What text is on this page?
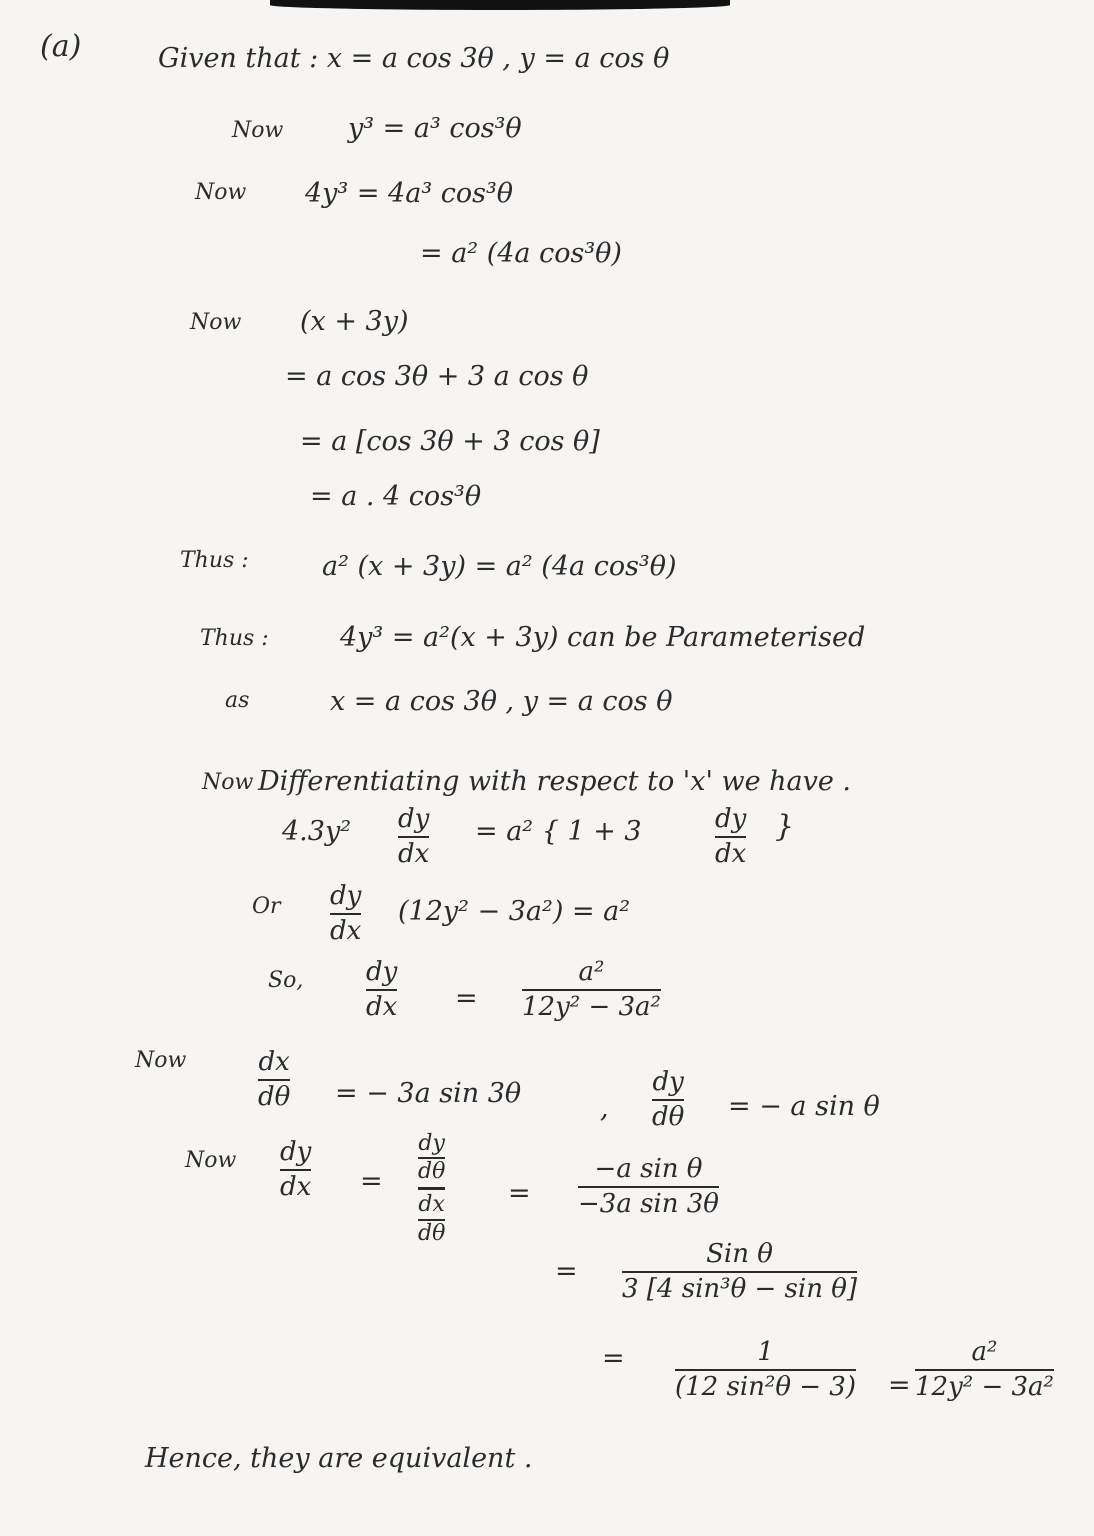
(a)	Given that : x = a cos 3θ , y = a cos θ
Now y³ = a³ cos³θ
Now 4y³ = 4a³ cos³θ
= a² (4a cos³θ)
Now (x + 3y)
= a cos 3θ + 3 a cos θ
= a [cos 3θ + 3 cos θ]
= a . 4 cos³θ
Thus :	a² (x + 3y) = a² (4a cos³θ)
Thus :	4y³ = a²(x + 3y) can be Parameterised
as	x = a cos 3θ , y = a cos θ
Now Differentiating with respect to 'x' we have .
4.3y² dy
dx
= a² { 1 + 3	dy
dx
}
Or dy
dx
(12y² − 3a²) = a²
So, dy
dx =
a²
12y² − 3a²
Now	dx
dθ = − 3a sin 3θ	,
dy
dθ = − a sin θ
Now dy
dx =
dy
dθ
dx
dθ
=
−a sin θ
−3a sin 3θ
=
Sin θ
3 [4 sin³θ − sin θ]
=	1
(12 sin²θ − 3) =
a²
12y² − 3a²
Hence, they are equivalent .
